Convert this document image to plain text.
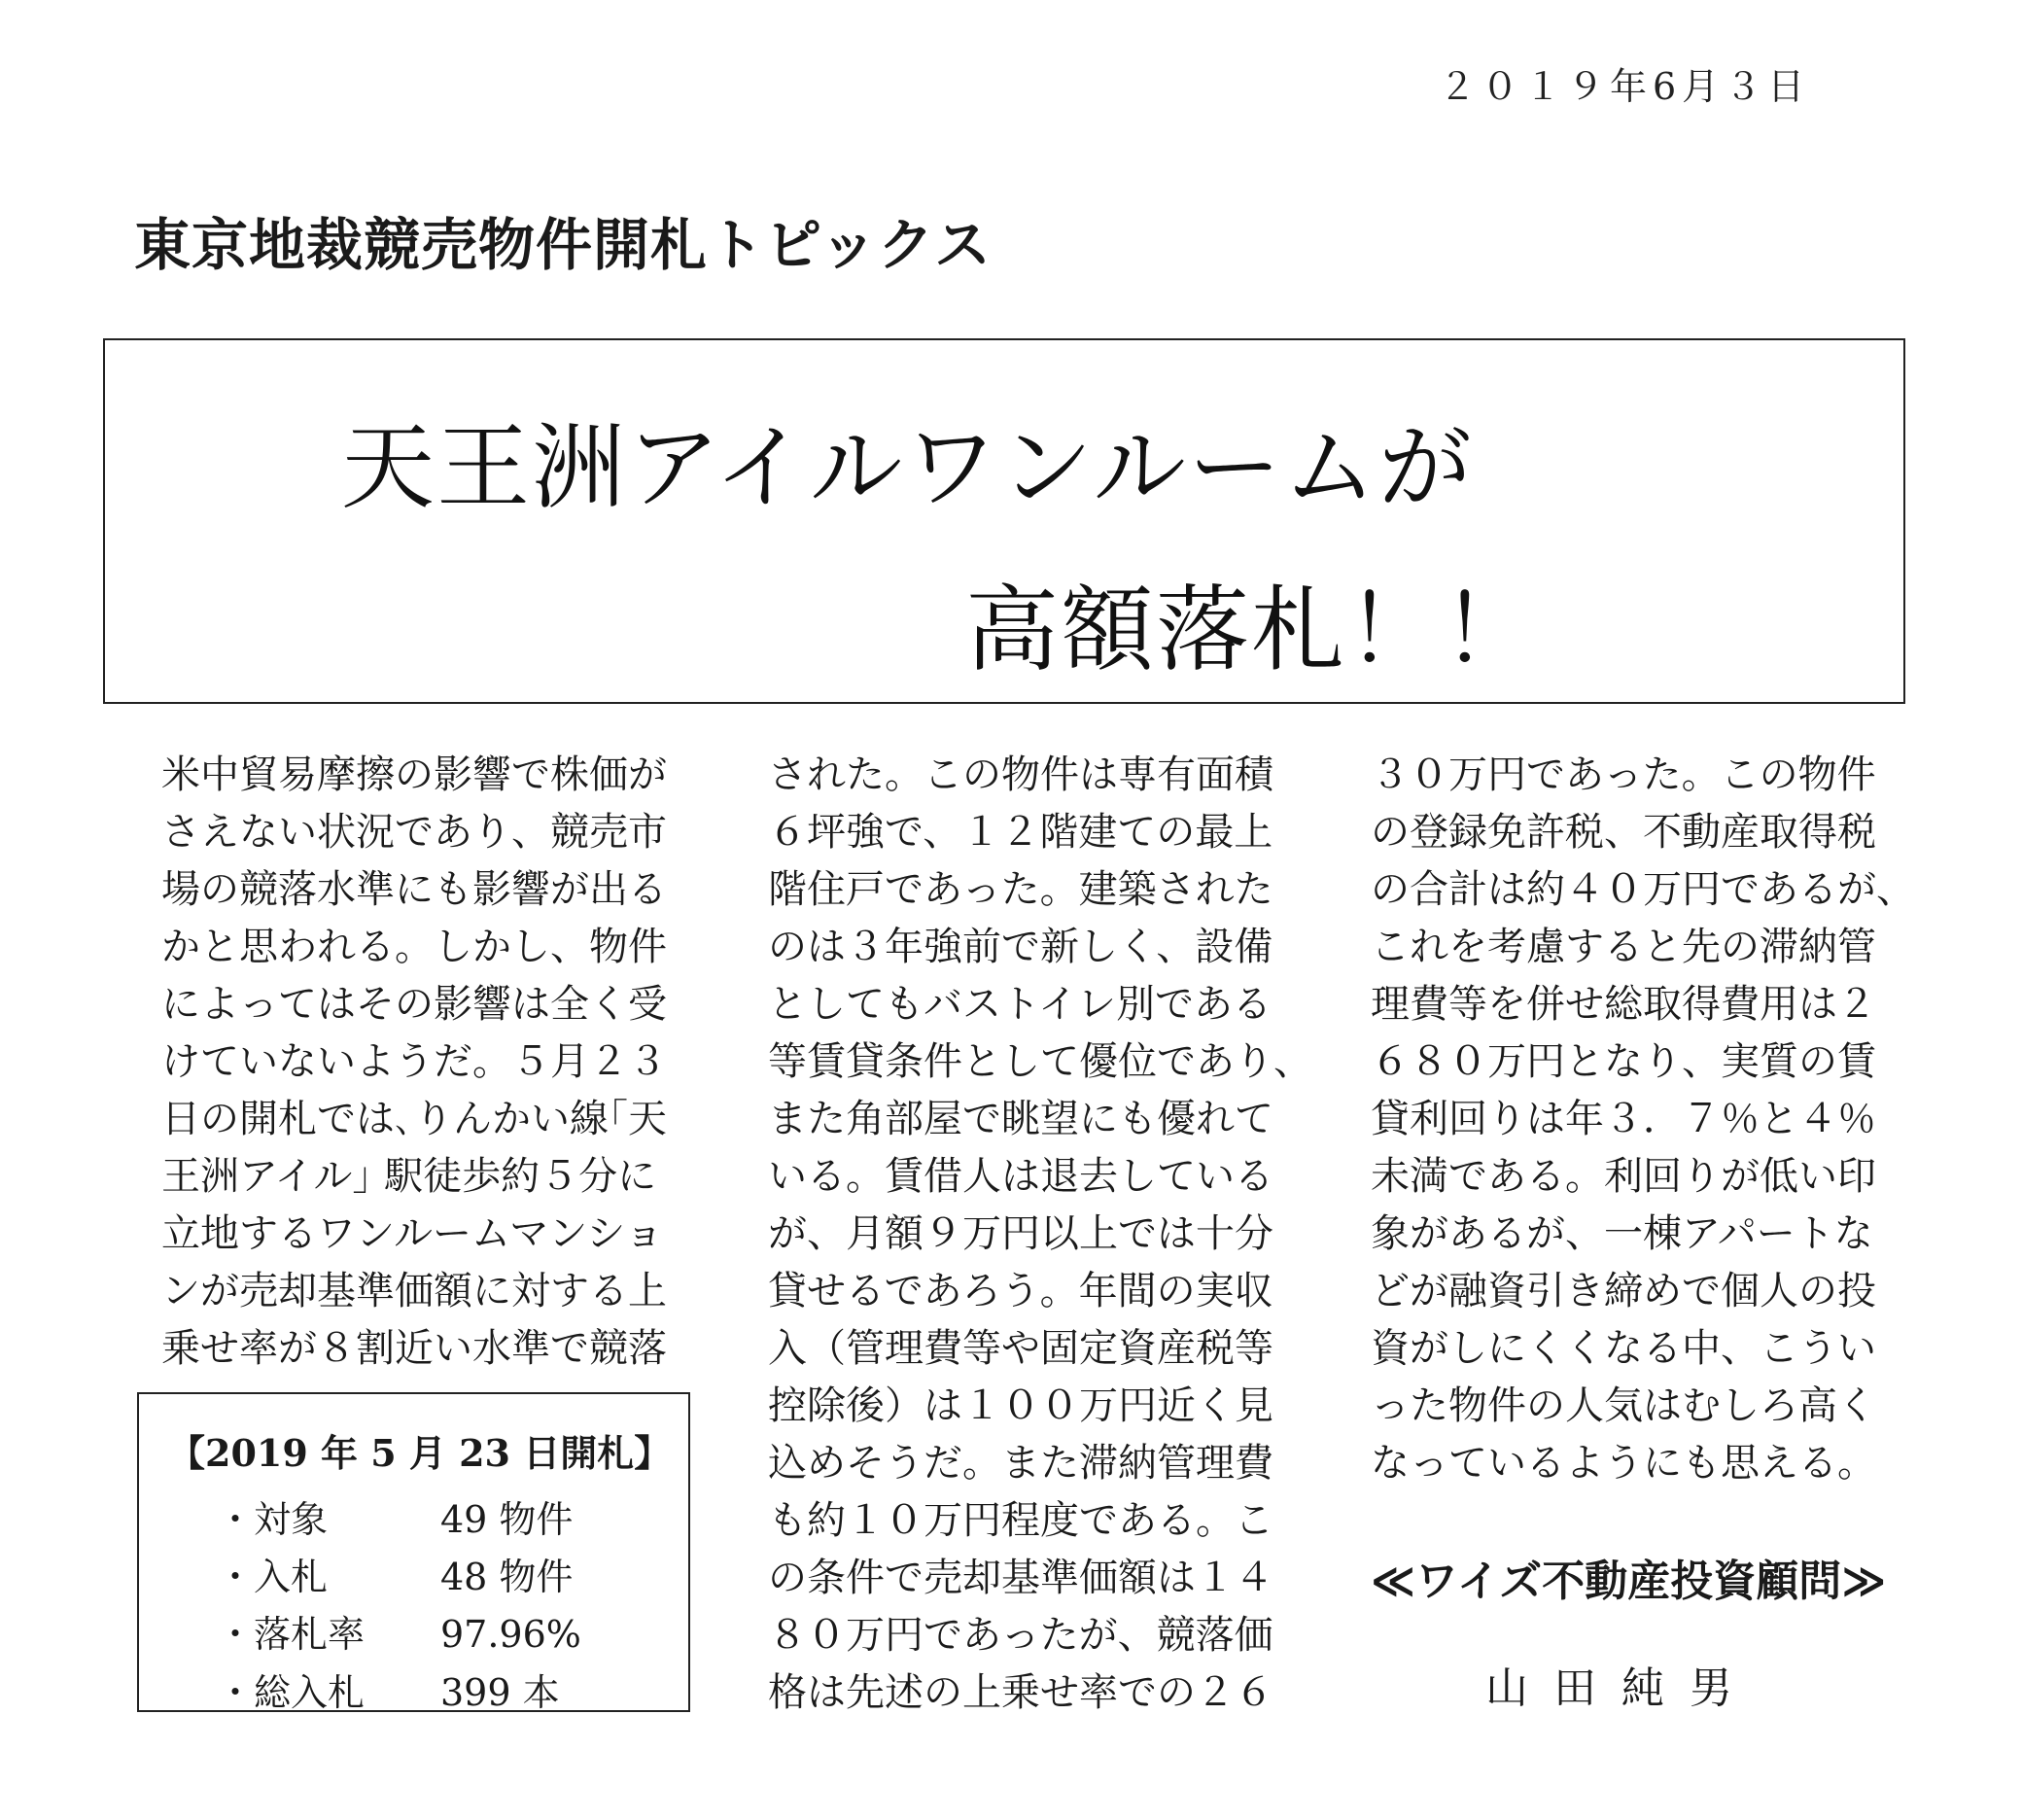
２０１９年6月３日
東京地裁競売物件開札トピックス
天王洲アイルワンルームが
高額落札！！
米中貿易摩擦の影響で株価が
さえない状況であり、競売市
場の競落水準にも影響が出る
かと思われる。しかし、物件
によってはその影響は全く受
けていないようだ。５月２３
日の開札では､りんかい線｢天
王洲アイル｣ 駅徒歩約５分に
立地するワンルームマンショ
ンが売却基準価額に対する上
乗せ率が８割近い水準で競落
【2019 年 5 月 23 日開札】
・対象	49 物件
・入札	48 物件
・落札率 97.96%
・総入札 399 本
された。この物件は専有面積
６坪強で、１２階建ての最上
階住戸であった。建築された
のは３年強前で新しく、設備
としてもバストイレ別である
等賃貸条件として優位であり、
また角部屋で眺望にも優れて
いる。賃借人は退去している
が、月額９万円以上では十分
貸せるであろう。年間の実収
入（管理費等や固定資産税等
控除後）は１００万円近く見
込めそうだ。また滞納管理費
も約１０万円程度である。こ
の条件で売却基準価額は１４
８０万円であったが、競落価
格は先述の上乗せ率での２６
３０万円であった。この物件
の登録免許税、不動産取得税
の合計は約４０万円であるが、
これを考慮すると先の滞納管
理費等を併せ総取得費用は２
６８０万円となり、実質の賃
貸利回りは年３．７％と４％
未満である。利回りが低い印
象があるが、一棟アパートな
どが融資引き締めで個人の投
資がしにくくなる中、こうい
った物件の人気はむしろ高く
なっているようにも思える。
≪ワイズ不動産投資顧問≫
山田純男
